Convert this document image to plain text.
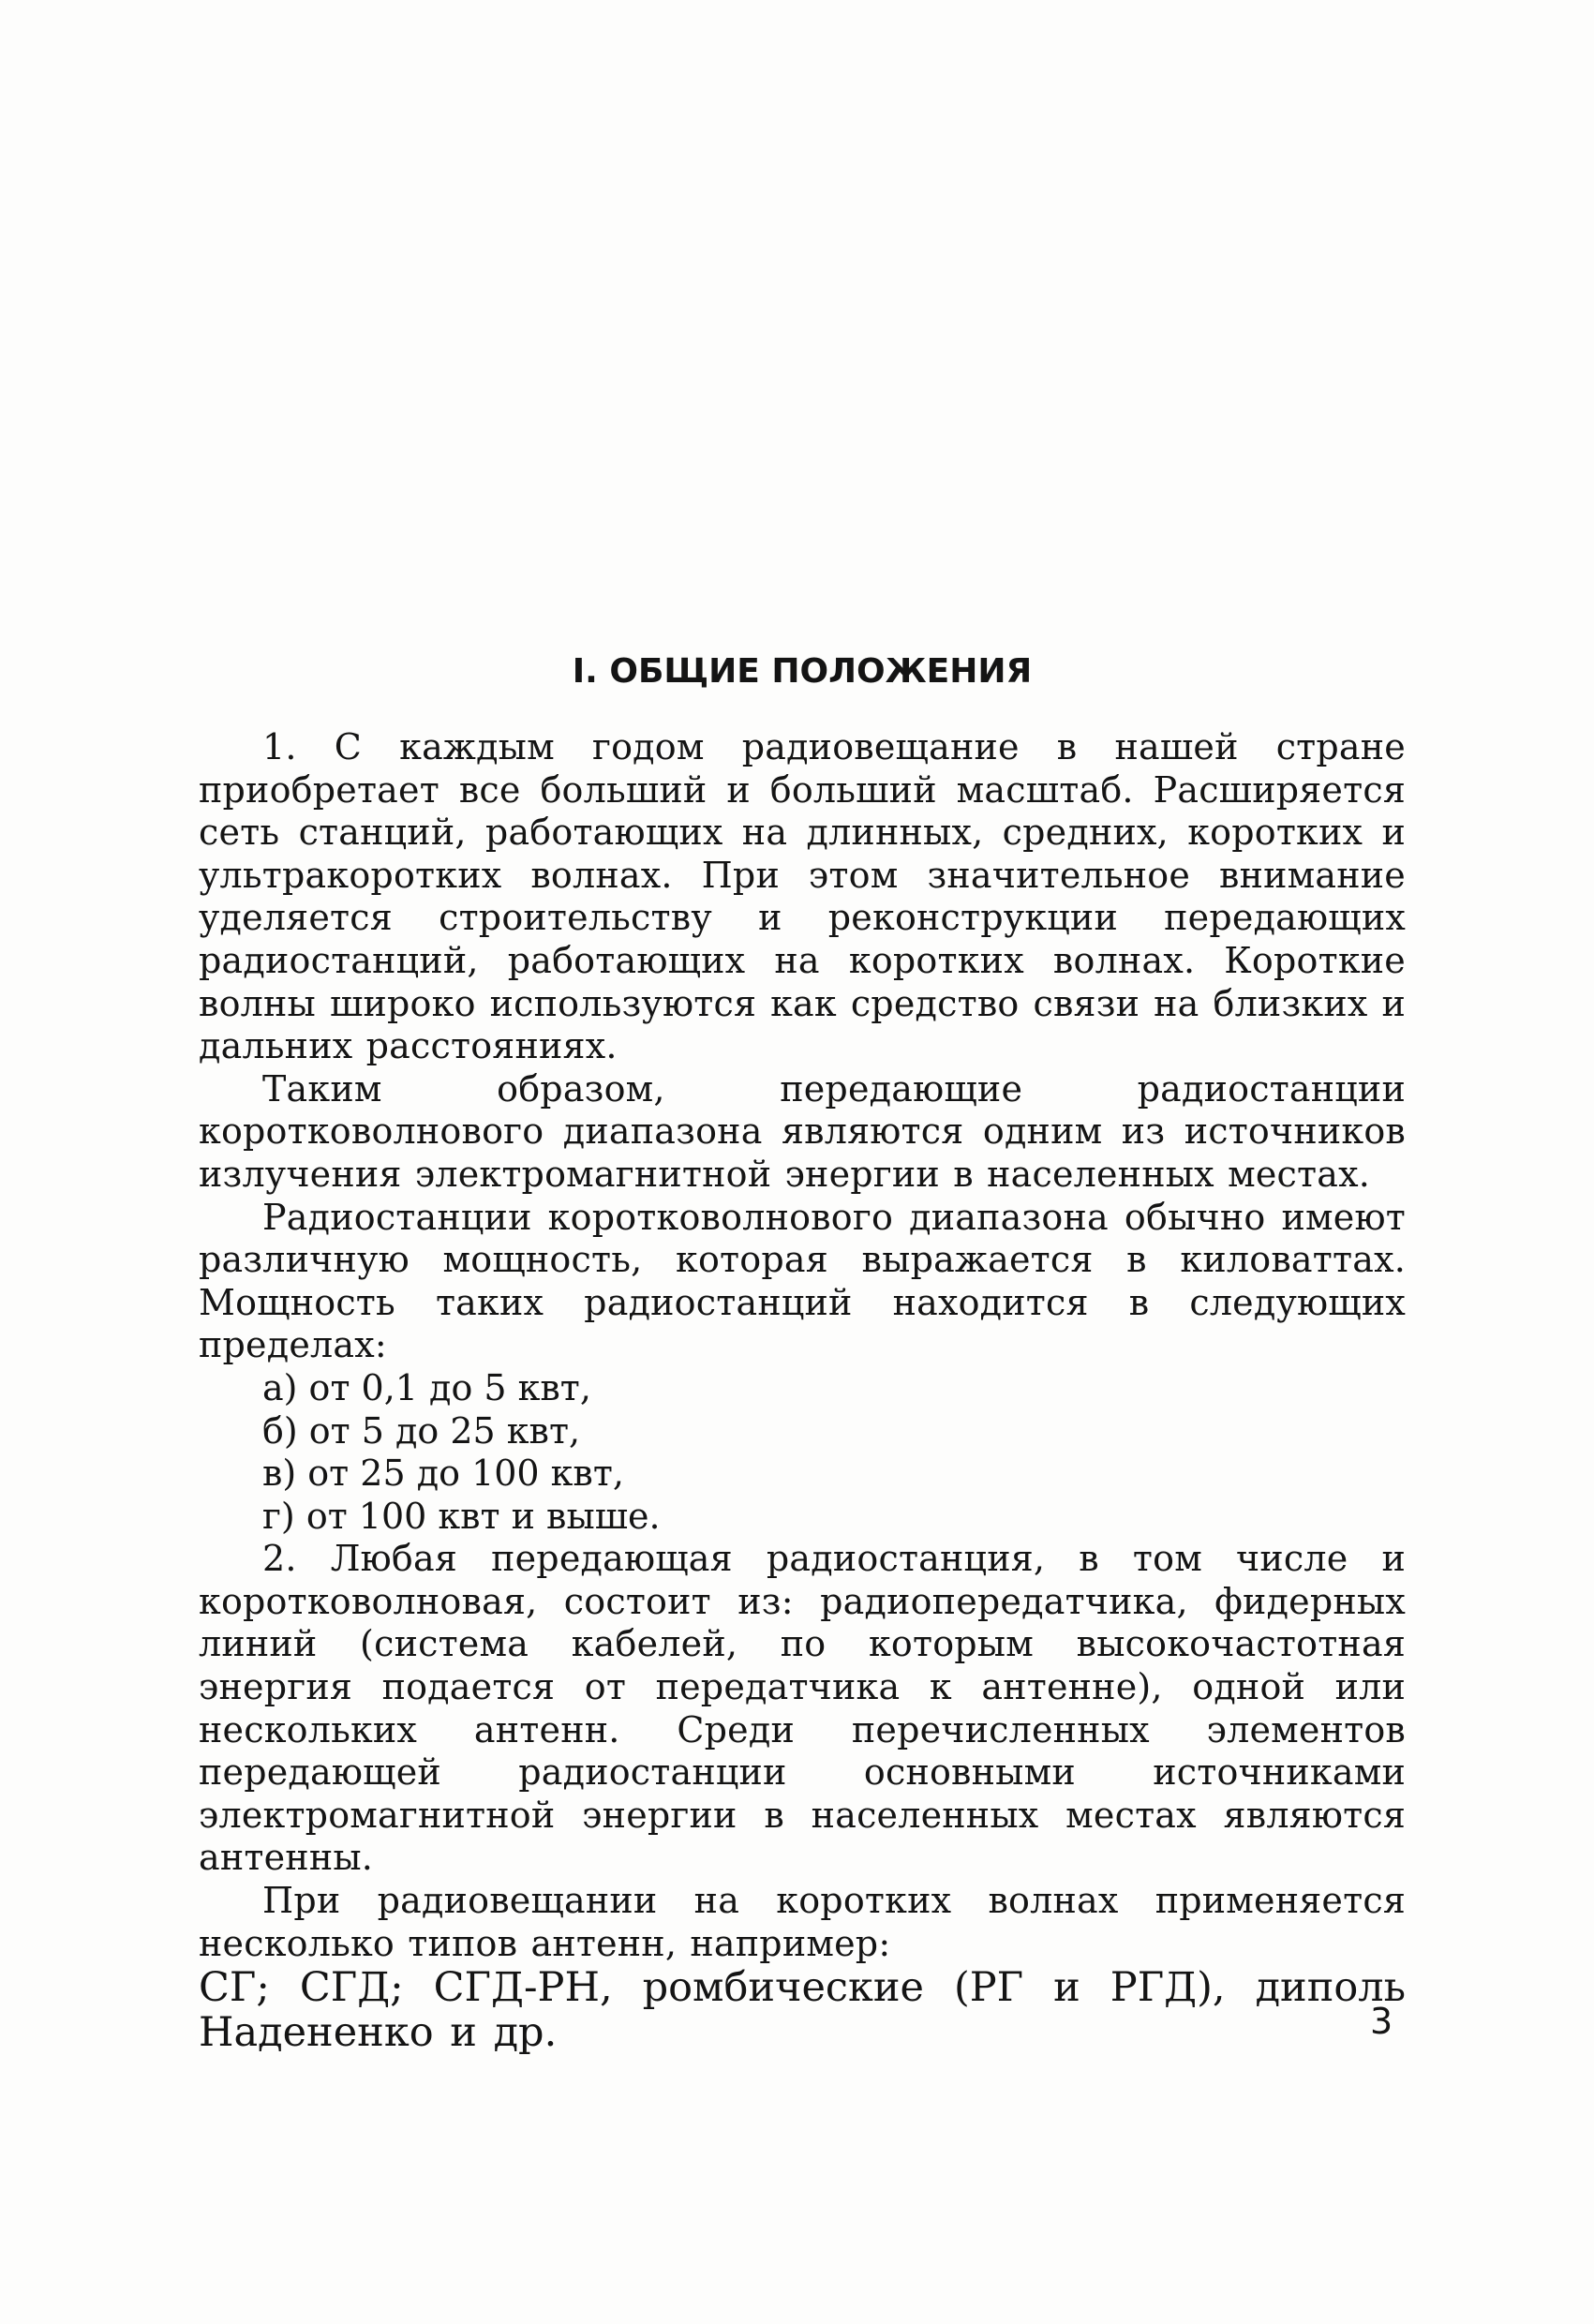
I. ОБЩИЕ ПОЛОЖЕНИЯ

1. С каждым годом радиовещание в нашей стране приобретает все больший и больший масштаб. Расширяется сеть станций, работающих на длинных, средних, коротких и ультракоротких волнах. При этом значительное внимание уделяется строительству и реконструкции передающих радиостанций, работающих на коротких волнах. Короткие волны широко используются как средство связи на близких и дальних расстояниях.

Таким образом, передающие радиостанции коротковолнового диапазона являются одним из источников излучения электромагнитной энергии в населенных местах.

Радиостанции коротковолнового диапазона обычно имеют различную мощность, которая выражается в киловаттах. Мощность таких радиостанций находится в следующих пределах:

а) от 0,1 до 5 квт,
б) от 5 до 25 квт,
в) от 25 до 100 квт,
г) от 100 квт и выше.

2. Любая передающая радиостанция, в том числе и коротковолновая, состоит из: радиопередатчика, фидерных линий (система кабелей, по которым высокочастотная энергия подается от передатчика к антенне), одной или нескольких антенн. Среди перечисленных элементов передающей радиостанции основными источниками электромагнитной энергии в населенных местах являются антенны.

При радиовещании на коротких волнах применяется несколько типов антенн, например:

СГ; СГД; СГД-РН, ромбические (РГ и РГД), диполь Надененко и др.	3
